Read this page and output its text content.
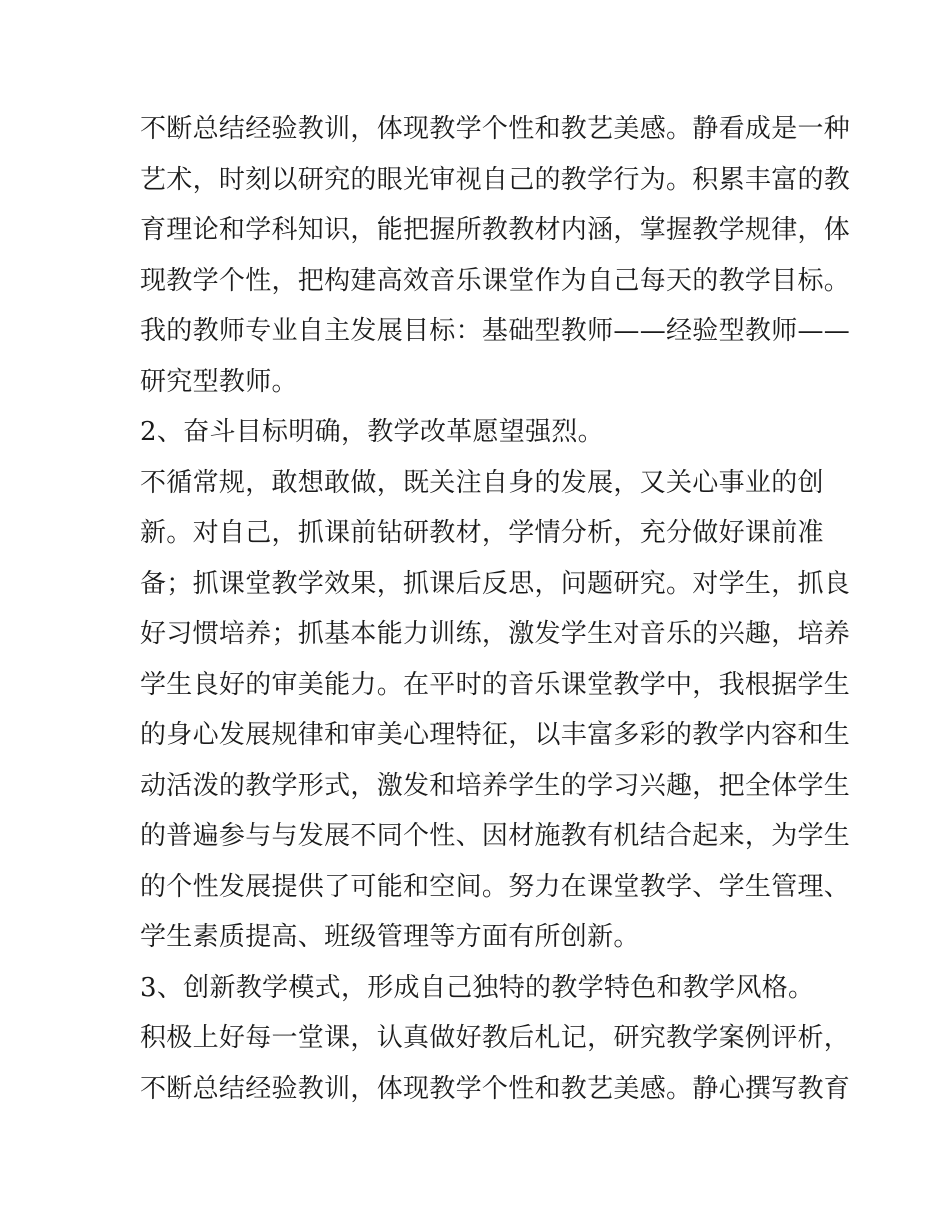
不断总结经验教训，体现教学个性和教艺美感。静看成是一种
艺术，时刻以研究的眼光审视自己的教学行为。积累丰富的教
育理论和学科知识，能把握所教教材内涵，掌握教学规律，体
现教学个性，把构建高效音乐课堂作为自己每天的教学目标。
我的教师专业自主发展目标：基础型教师——经验型教师——
研究型教师。
2、奋斗目标明确，教学改革愿望强烈。
不循常规，敢想敢做，既关注自身的发展，又关心事业的创
新。对自己，抓课前钻研教材，学情分析，充分做好课前准
备；抓课堂教学效果，抓课后反思，问题研究。对学生，抓良
好习惯培养；抓基本能力训练，激发学生对音乐的兴趣，培养
学生良好的审美能力。在平时的音乐课堂教学中，我根据学生
的身心发展规律和审美心理特征，以丰富多彩的教学内容和生
动活泼的教学形式，激发和培养学生的学习兴趣，把全体学生
的普遍参与与发展不同个性、因材施教有机结合起来，为学生
的个性发展提供了可能和空间。努力在课堂教学、学生管理、
学生素质提高、班级管理等方面有所创新。
3、创新教学模式，形成自己独特的教学特色和教学风格。
积极上好每一堂课，认真做好教后札记，研究教学案例评析，
不断总结经验教训，体现教学个性和教艺美感。静心撰写教育
